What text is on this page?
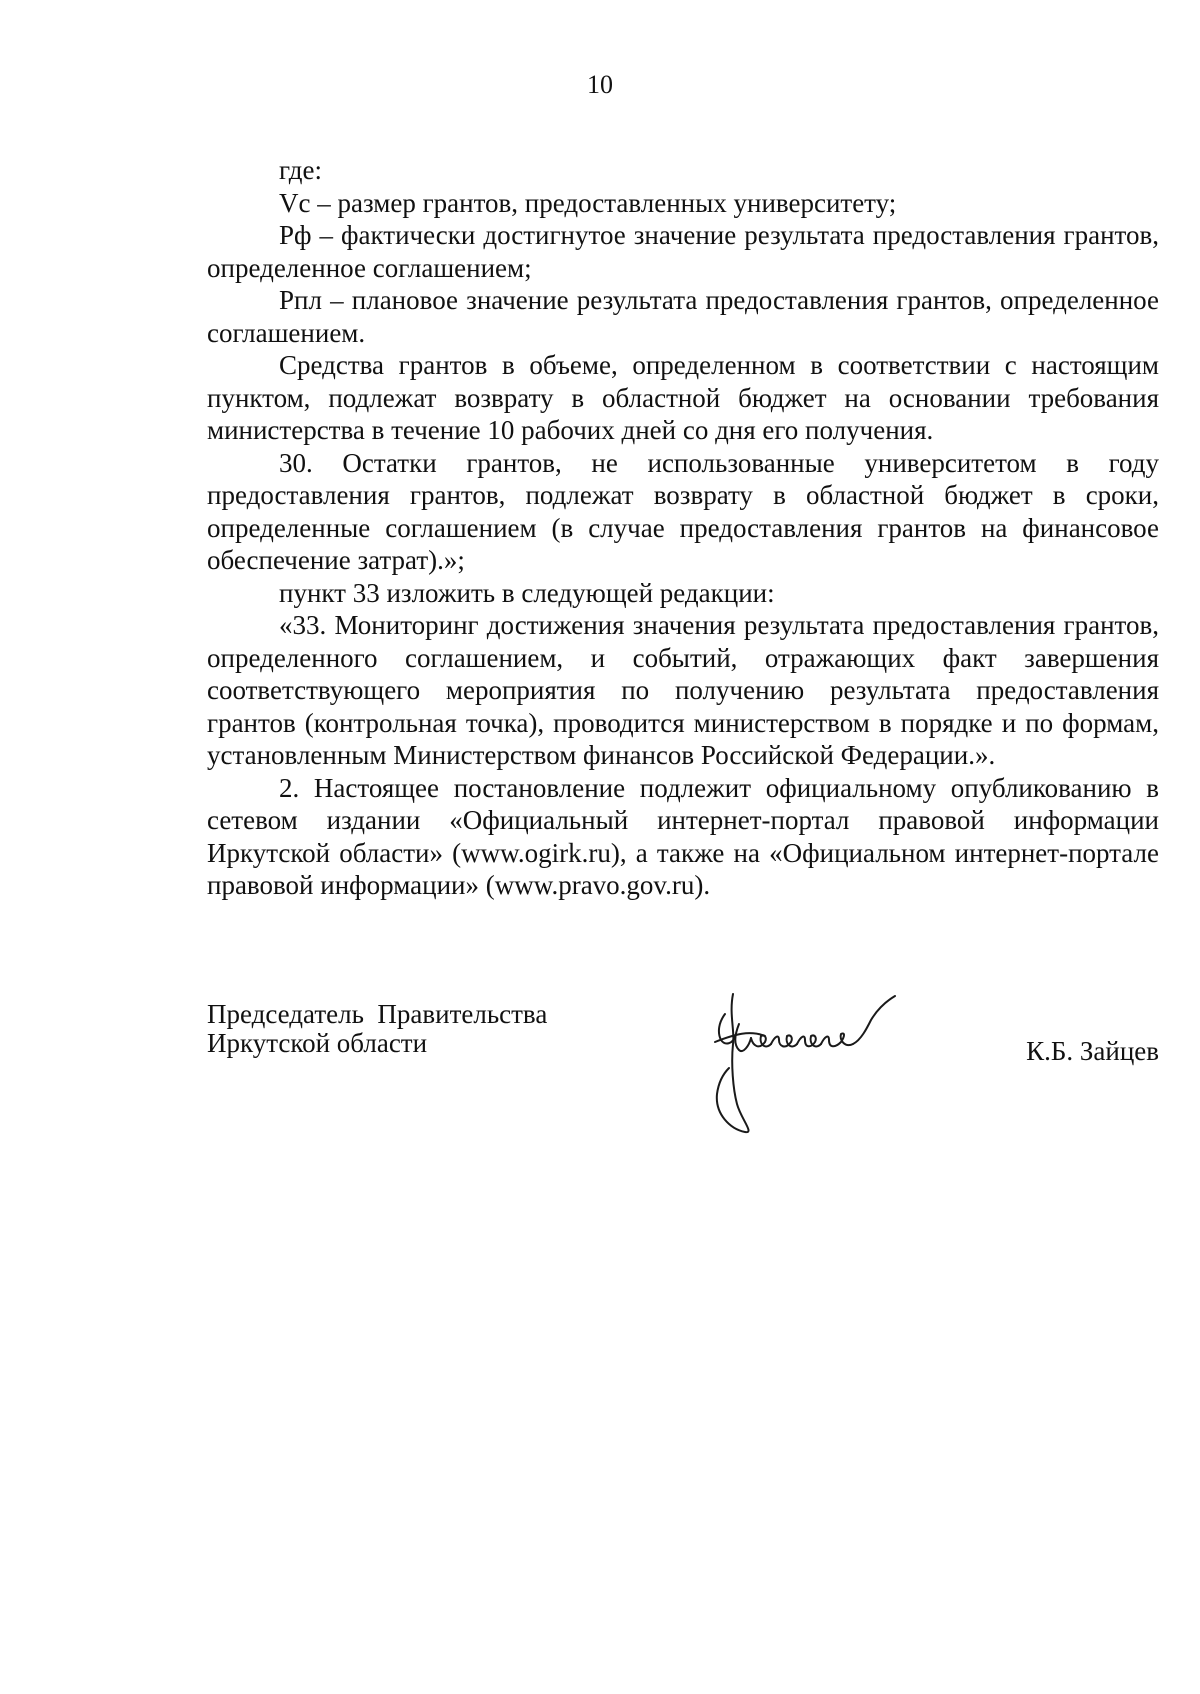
10

где:

Vc – размер грантов, предоставленных университету;

Рф – фактически достигнутое значение результата предоставления грантов, определенное соглашением;

Рпл – плановое значение результата предоставления грантов, определенное соглашением.

Средства грантов в объеме, определенном в соответствии с настоящим пунктом, подлежат возврату в областной бюджет на основании требования министерства в течение 10 рабочих дней со дня его получения.

30. Остатки грантов, не использованные университетом в году предоставления грантов, подлежат возврату в областной бюджет в сроки, определенные соглашением (в случае предоставления грантов на финансовое обеспечение затрат).»;

пункт 33 изложить в следующей редакции:

«33. Мониторинг достижения значения результата предоставления грантов, определенного соглашением, и событий, отражающих факт завершения соответствующего мероприятия по получению результата предоставления грантов (контрольная точка), проводится министерством в порядке и по формам, установленным Министерством финансов Российской Федерации.».

2. Настоящее постановление подлежит официальному опубликованию в сетевом издании «Официальный интернет-портал правовой информации Иркутской области» (www.ogirk.ru), а также на «Официальном интернет-портале правовой информации» (www.pravo.gov.ru).

Председатель  Правительства
Иркутской области	К.Б. Зайцев
